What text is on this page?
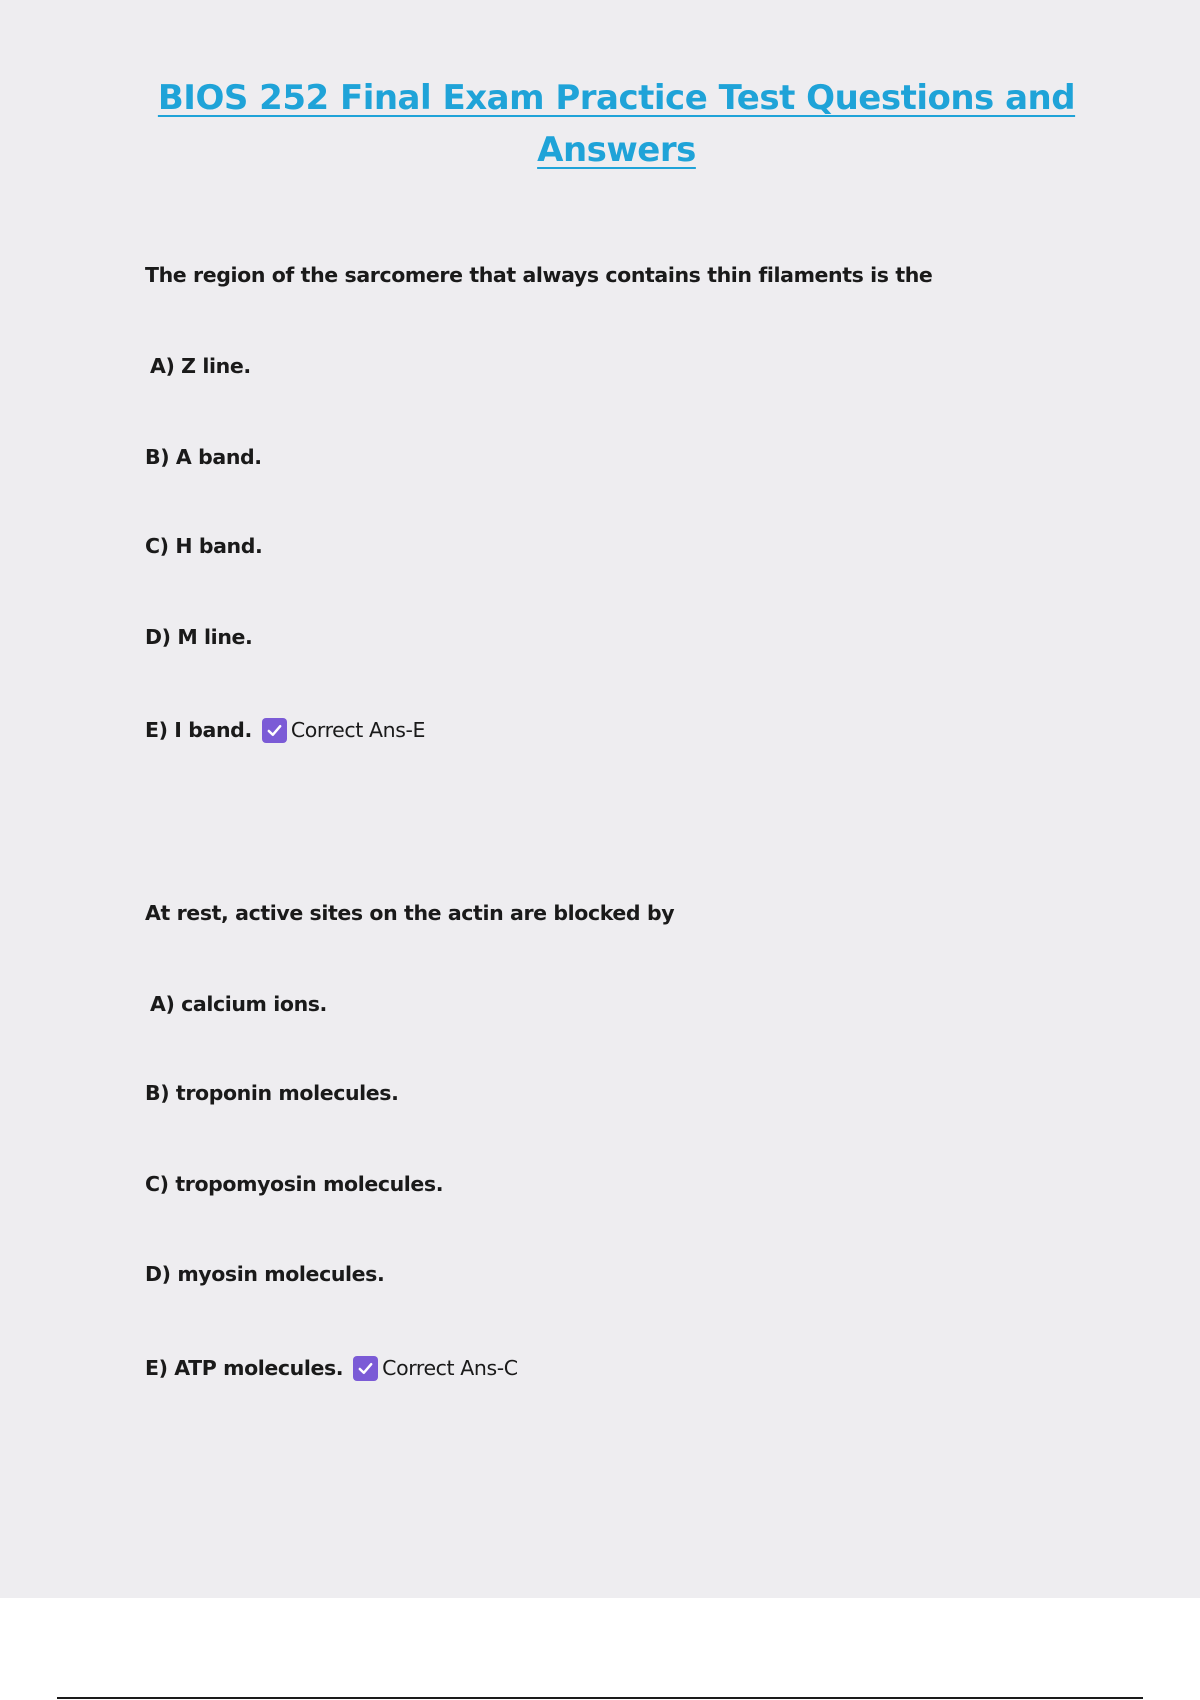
BIOS 252 Final Exam Practice Test Questions and
Answers
The region of the sarcomere that always contains thin filaments is the
A) Z line.
B) A band.
C) H band.
D) M line.
E) I band. Correct Ans-E
At rest, active sites on the actin are blocked by
A) calcium ions.
B) troponin molecules.
C) tropomyosin molecules.
D) myosin molecules.
E) ATP molecules. Correct Ans-C
